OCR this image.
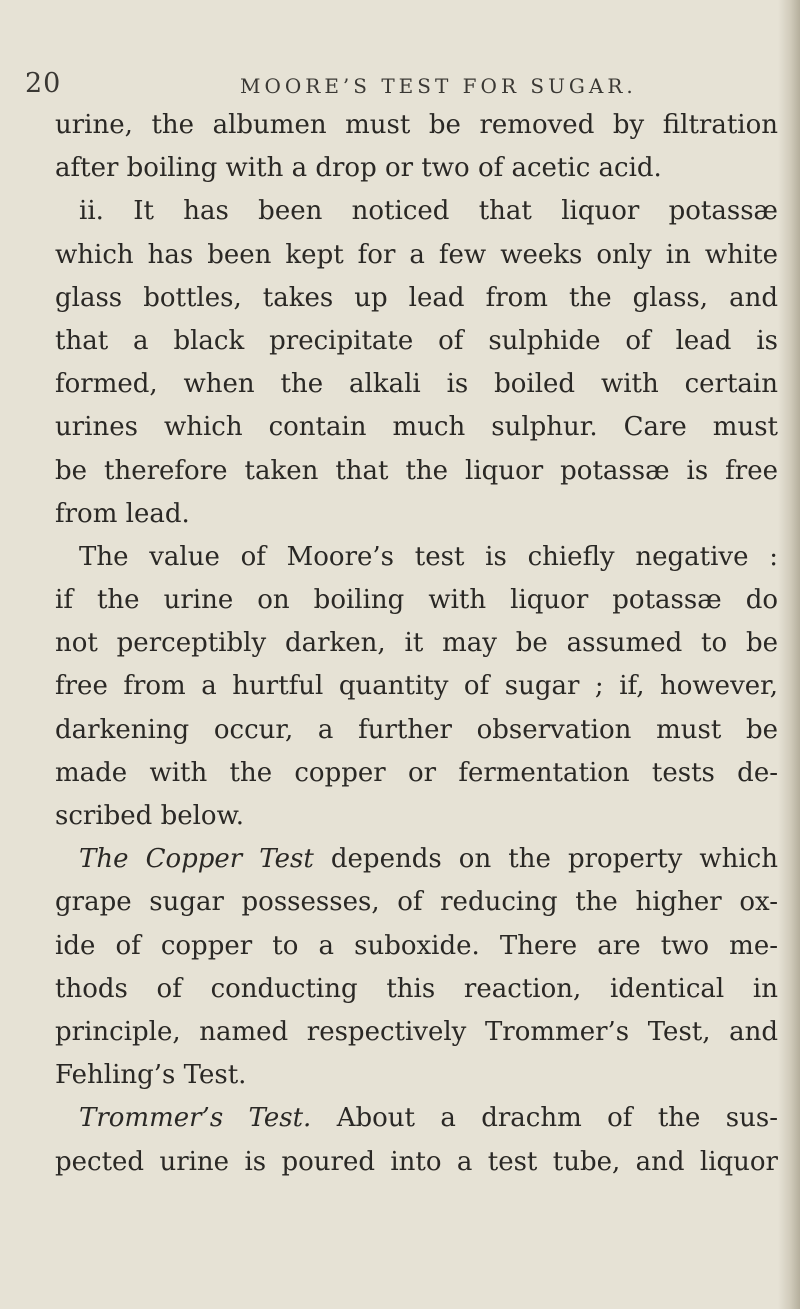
20	MOORE’S TEST FOR SUGAR.
urine, the albumen must be removed by filtration
after boiling with a drop or two of acetic acid.
ii. It has been noticed that liquor potassæ
which has been kept for a few weeks only in white
glass bottles, takes up lead from the glass, and
that a black precipitate of sulphide of lead is
formed, when the alkali is boiled with certain
urines which contain much sulphur. Care must
be therefore taken that the liquor potassæ is free
from lead.
The value of Moore’s test is chiefly negative :
if the urine on boiling with liquor potassæ do
not perceptibly darken, it may be assumed to be
free from a hurtful quantity of sugar ; if, however,
darkening occur, a further observation must be
made with the copper or fermentation tests de-
scribed below.
The Copper Test depends on the property which
grape sugar possesses, of reducing the higher ox-
ide of copper to a suboxide. There are two me-
thods of conducting this reaction, identical in
principle, named respectively Trommer’s Test, and
Fehling’s Test.
Trommer’s Test. About a drachm of the sus-
pected urine is poured into a test tube, and liquor
